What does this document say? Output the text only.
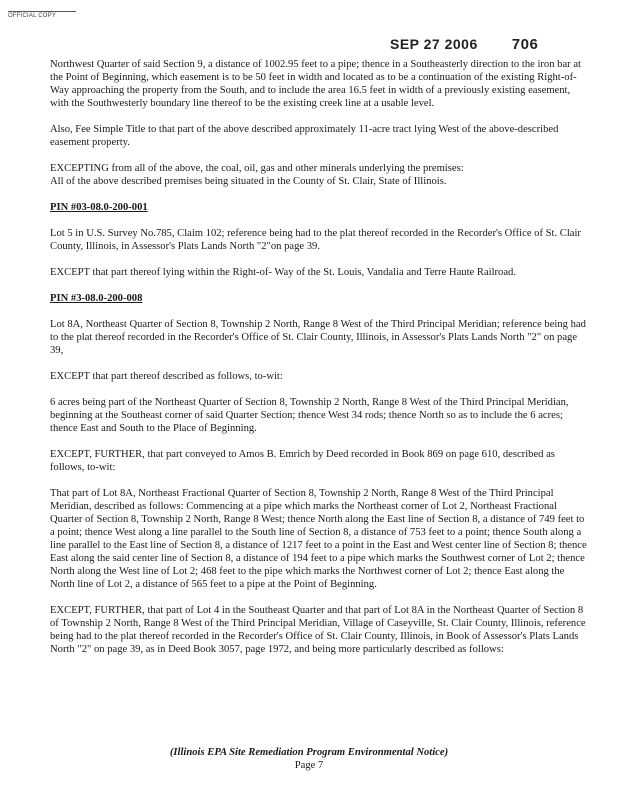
OFFICIAL COPY
SEP 27 2006 706

Northwest Quarter of said Section 9, a distance of 1002.95 feet to a pipe; thence in a Southeasterly direction to the iron bar at the Point of Beginning, which easement is to be 50 feet in width and located as to be a continuation of the existing Right-of-Way approaching the property from the South, and to include the area 16.5 feet in width of a previously existing easement, with the Southwesterly boundary line thereof to be the existing creek line at a usable level.

Also, Fee Simple Title to that part of the above described approximately 11-acre tract lying West of the above-described easement property.

EXCEPTING from all of the above, the coal, oil, gas and other minerals underlying the premises:

All of the above described premises being situated in the County of St. Clair, State of Illinois.

PIN #03-08.0-200-001

Lot 5 in U.S. Survey No.785, Claim 102; reference being had to the plat thereof recorded in the Recorder's Office of St. Clair County, Illinois, in Assessor's Plats Lands North "2"on page 39.

EXCEPT that part thereof lying within the Right-of- Way of the St. Louis, Vandalia and Terre Haute Railroad.

PIN #3-08.0-200-008

Lot 8A, Northeast Quarter of Section 8, Township 2 North, Range 8 West of the Third Principal Meridian; reference being had to the plat thereof recorded in the Recorder's Office of St. Clair County, Illinois, in Assessor's Plats Lands North "2" on page 39,

EXCEPT that part thereof described as follows, to-wit:

6 acres being part of the Northeast Quarter of Section 8, Township 2 North, Range 8 West of the Third Principal Meridian, beginning at the Southeast corner of said Quarter Section; thence West 34 rods; thence North so as to include the 6 acres; thence East and South to the Place of Beginning.

EXCEPT, FURTHER, that part conveyed to Amos B. Emrich by Deed recorded in Book 869 on page 610, described as follows, to-wit:

That part of Lot 8A, Northeast Fractional Quarter of Section 8, Township 2 North, Range 8 West of the Third Principal Meridian, described as follows: Commencing at a pipe which marks the Northeast corner of Lot 2, Northeast Fractional Quarter of Section 8, Township 2 North, Range 8 West; thence North along the East line of Section 8, a distance of 749 feet to a point; thence West along a line parallel to the South line of Section 8, a distance of 753 feet to a point; thence South along a line parallel to the East line of Section 8, a distance of 1217 feet to a point in the East and West center line of Section 8; thence East along the said center line of Section 8, a distance of 194 feet to a pipe which marks the Southwest corner of Lot 2; thence North along the West line of Lot 2; 468 feet to the pipe which marks the Northwest corner of Lot 2; thence East along the North line of Lot 2, a distance of 565 feet to a pipe at the Point of Beginning.

EXCEPT, FURTHER, that part of Lot 4 in the Southeast Quarter and that part of Lot 8A in the Northeast Quarter of Section 8 of Township 2 North, Range 8 West of the Third Principal Meridian, Village of Caseyville, St. Clair County, Illinois, reference being had to the plat thereof recorded in the Recorder's Office of St. Clair County, Illinois, in Book of Assessor's Plats Lands North "2" on page 39, as in Deed Book 3057, page 1972, and being more particularly described as follows:

(Illinois EPA Site Remediation Program Environmental Notice)
Page 7
